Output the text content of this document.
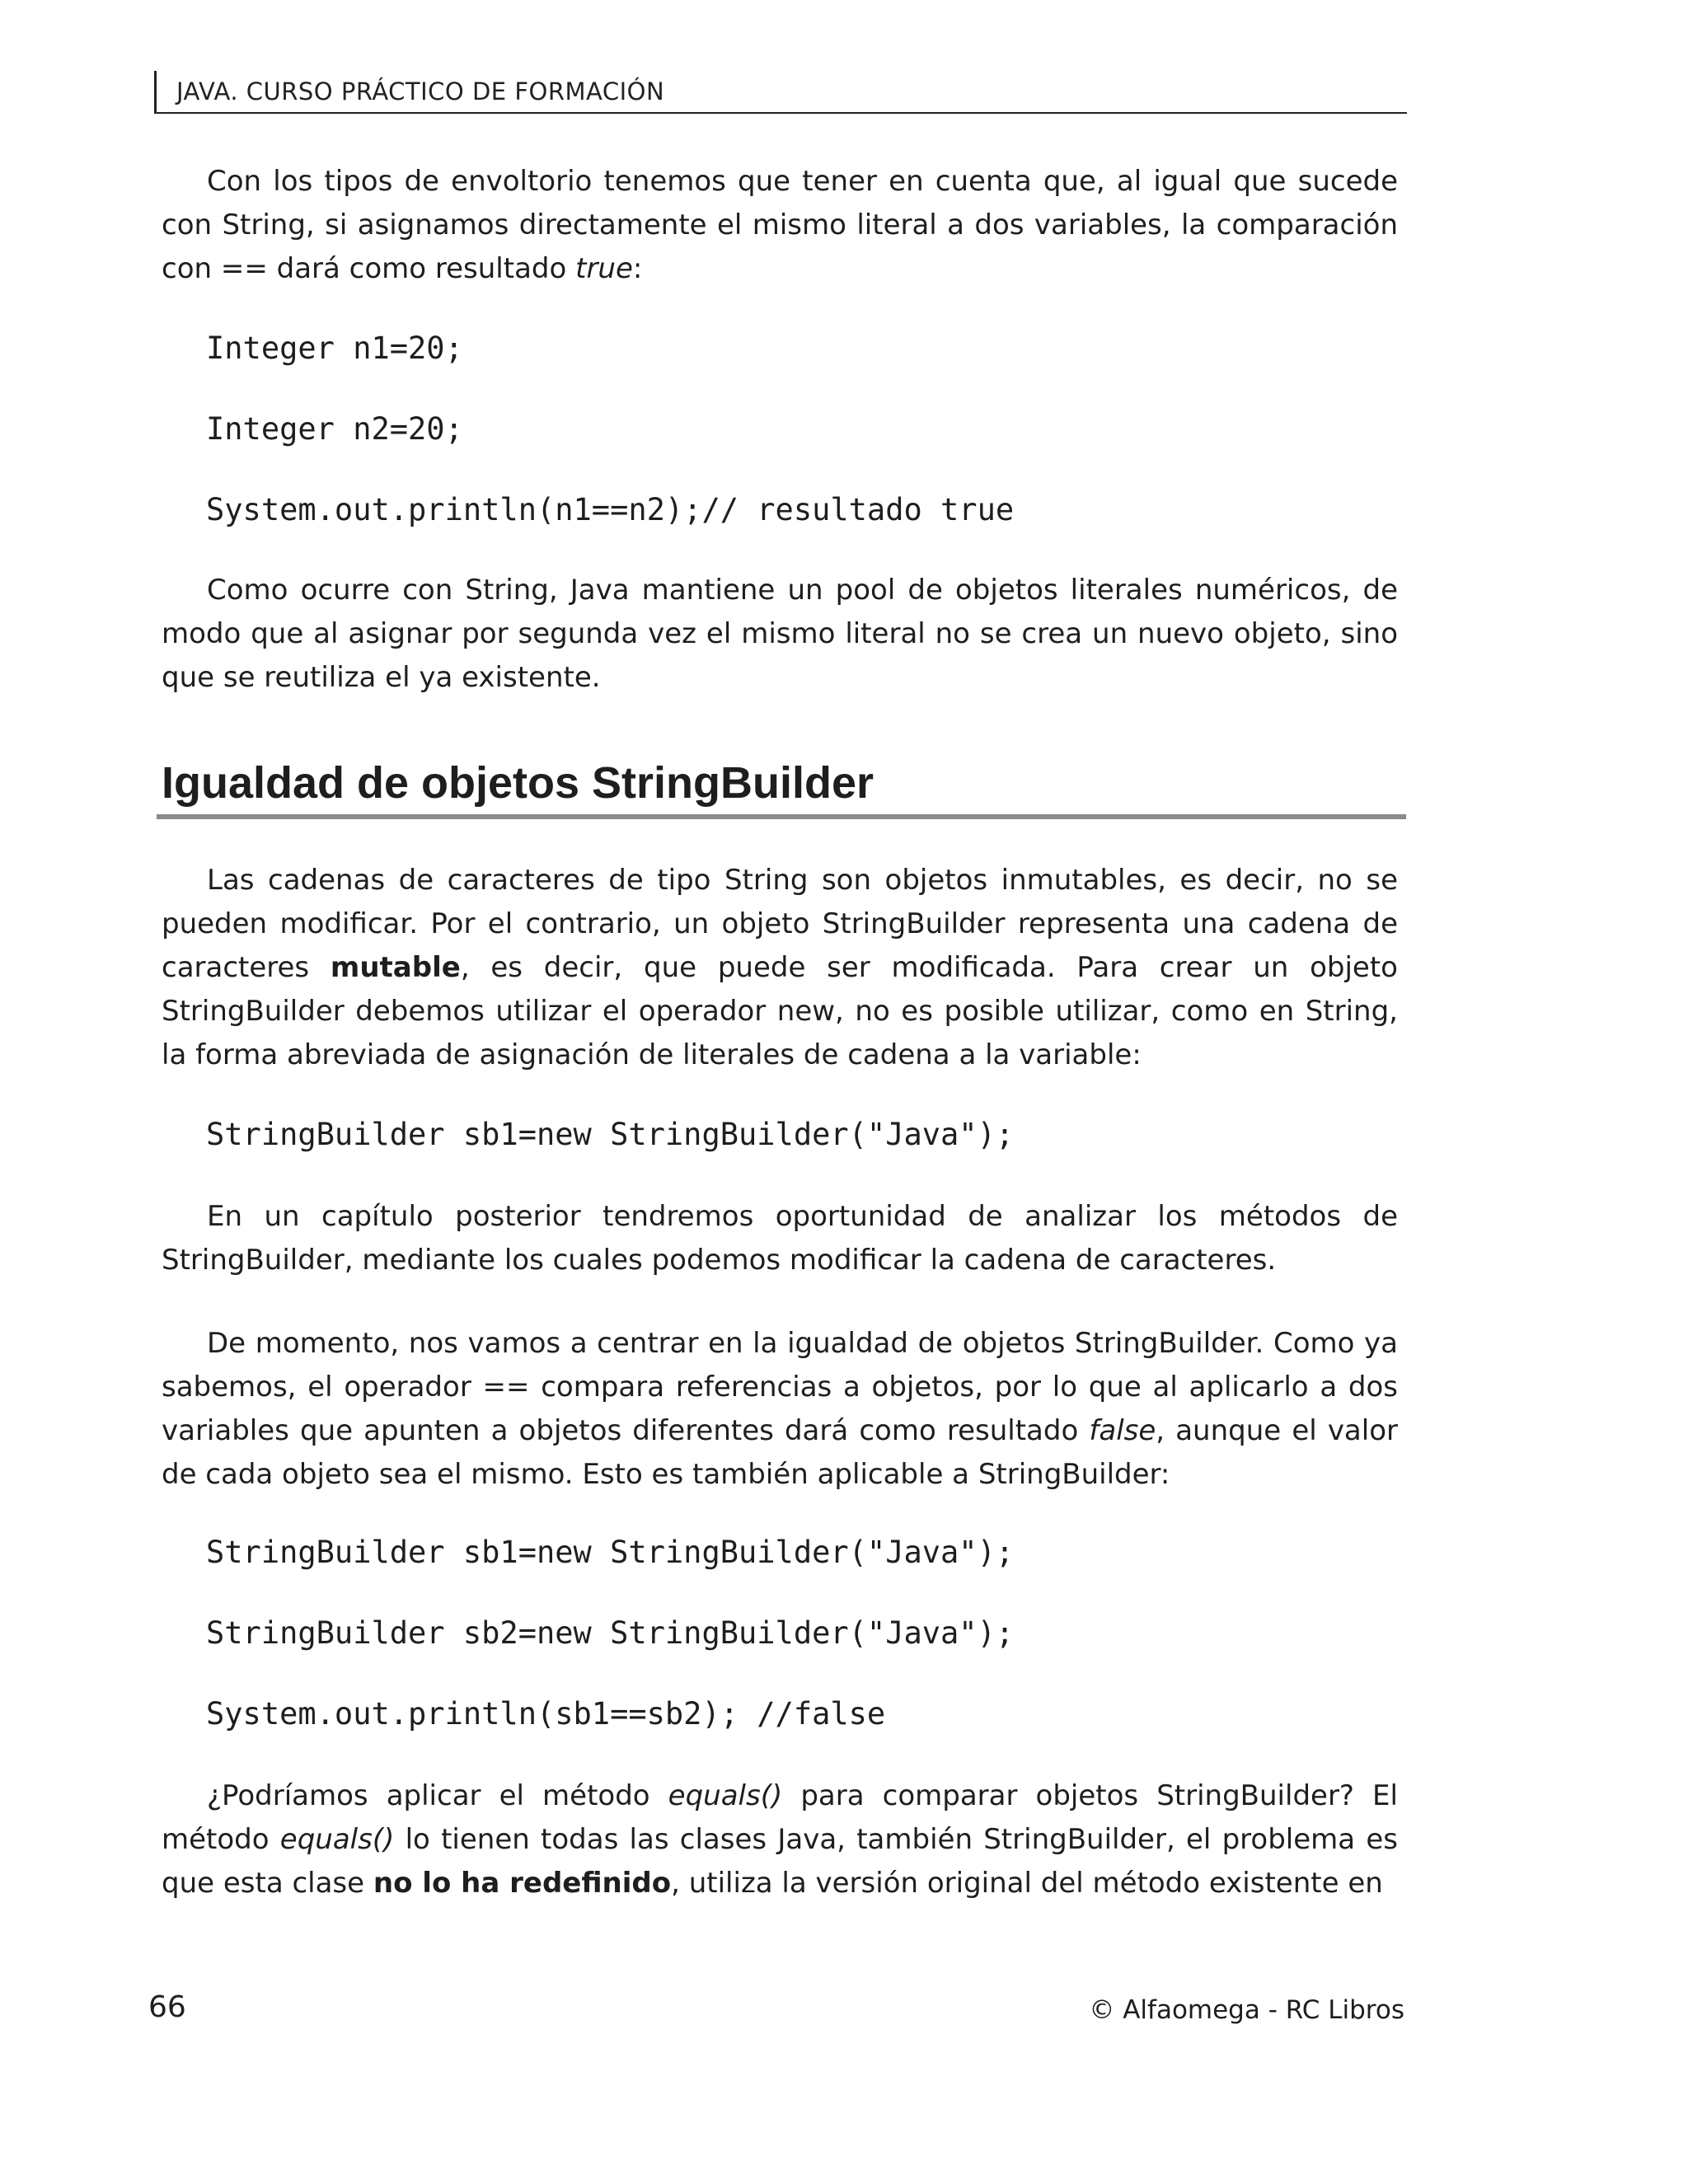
JAVA. CURSO PRÁCTICO DE FORMACIÓN

Con los tipos de envoltorio tenemos que tener en cuenta que, al igual que sucede con String, si asignamos directamente el mismo literal a dos variables, la comparación con == dará como resultado true:

Integer n1=20;
Integer n2=20;
System.out.println(n1==n2);// resultado true

Como ocurre con String, Java mantiene un pool de objetos literales numéricos, de modo que al asignar por segunda vez el mismo literal no se crea un nuevo objeto, sino que se reutiliza el ya existente.

Igualdad de objetos StringBuilder

Las cadenas de caracteres de tipo String son objetos inmutables, es decir, no se pueden modificar. Por el contrario, un objeto StringBuilder representa una cadena de caracteres mutable, es decir, que puede ser modificada. Para crear un objeto StringBuilder debemos utilizar el operador new, no es posible utilizar, como en String, la forma abreviada de asignación de literales de cadena a la variable:

StringBuilder sb1=new StringBuilder("Java");

En un capítulo posterior tendremos oportunidad de analizar los métodos de StringBuilder, mediante los cuales podemos modificar la cadena de caracteres.

De momento, nos vamos a centrar en la igualdad de objetos StringBuilder. Como ya sabemos, el operador == compara referencias a objetos, por lo que al aplicarlo a dos variables que apunten a objetos diferentes dará como resultado false, aunque el valor de cada objeto sea el mismo. Esto es también aplicable a StringBuilder:

StringBuilder sb1=new StringBuilder("Java");
StringBuilder sb2=new StringBuilder("Java");
System.out.println(sb1==sb2); //false

¿Podríamos aplicar el método equals() para comparar objetos StringBuilder? El método equals() lo tienen todas las clases Java, también StringBuilder, el problema es que esta clase no lo ha redefinido, utiliza la versión original del método existente en

66	© Alfaomega - RC Libros
